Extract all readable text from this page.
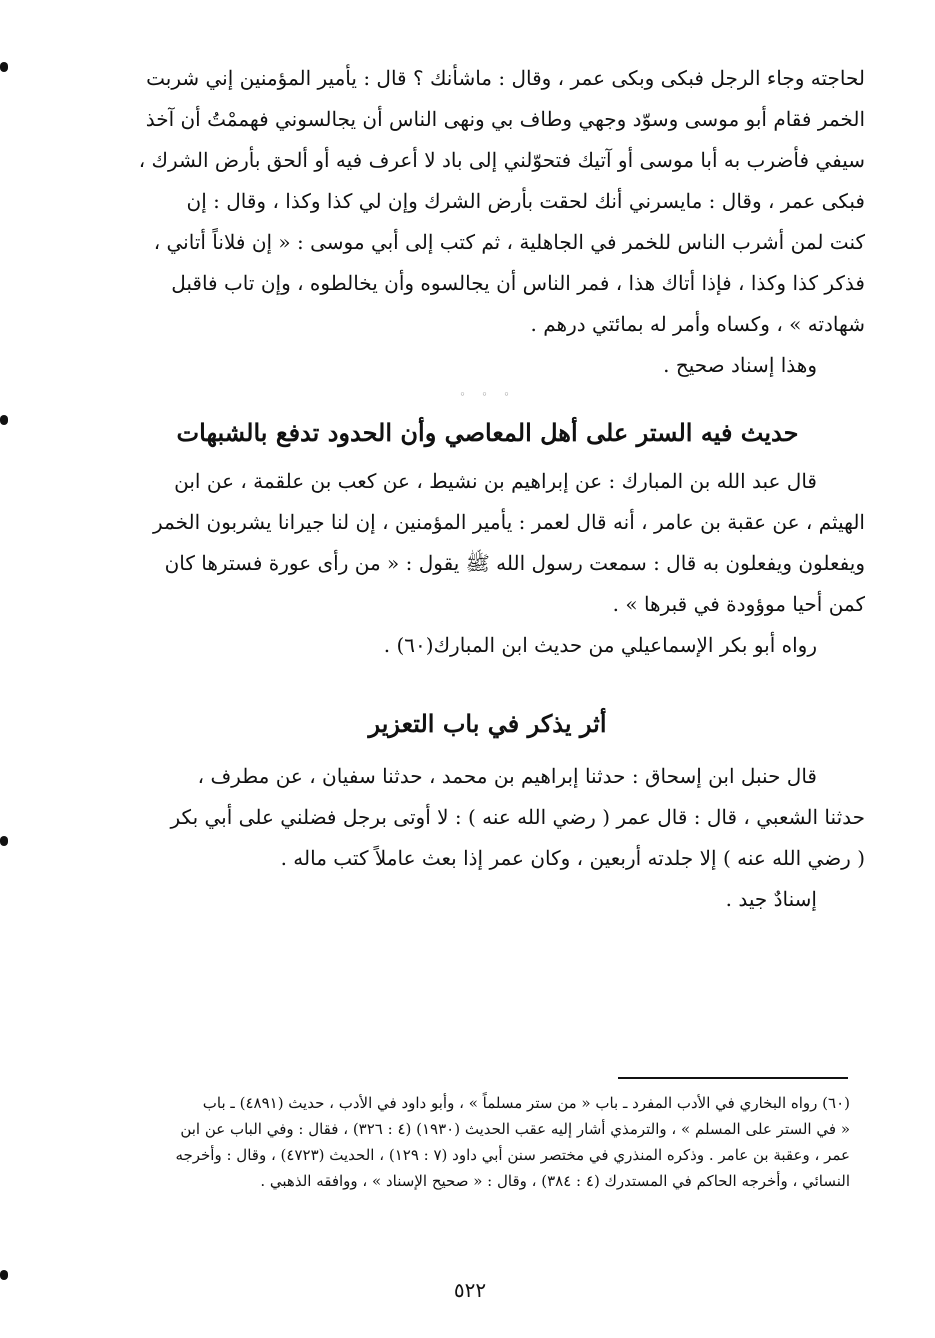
لحاجته وجاء الرجل فبكى وبكى عمر ، وقال : ماشأنك ؟ قال : يأمير المؤمنين إني شربت
الخمر فقام أبو موسى وسوّد وجهي وطاف بي ونهى الناس أن يجالسوني فهممْتُ أن آخذ
سيفي فأضرب به أبا موسى أو آتيك فتحوّلني إلى باد لا أعرف فيه أو ألحق بأرض الشرك ،
فبكى عمر ، وقال : مايسرني أنك لحقت بأرض الشرك وإن لي كذا وكذا ، وقال : إن
كنت لمن أشرب الناس للخمر في الجاهلية ، ثم كتب إلى أبي موسى : « إن فلاناً أتاني ،
فذكر كذا وكذا ، فإذا أتاك هذا ، فمر الناس أن يجالسوه وأن يخالطوه ، وإن تاب فاقبل
شهادته » ، وكساه وأمر له بمائتي درهم .
وهذا إسناد صحيح .
◦ ◦ ◦
حديث فيه الستر على أهل المعاصي وأن الحدود تدفع بالشبهات
قال عبد الله بن المبارك : عن إبراهيم بن نشيط ، عن كعب بن علقمة ، عن ابن
الهيثم ، عن عقبة بن عامر ، أنه قال لعمر : يأمير المؤمنين ، إن لنا جيرانا يشربون الخمر
ويفعلون ويفعلون به قال : سمعت رسول الله ﷺ يقول : « من رأى عورة فسترها كان
كمن أحيا موؤودة في قبرها » .
رواه أبو بكر الإسماعيلي من حديث ابن المبارك(٦٠) .
أثر يذكر في باب التعزير
قال حنبل ابن إسحاق : حدثنا إبراهيم بن محمد ، حدثنا سفيان ، عن مطرف ،
حدثنا الشعبي ، قال : قال عمر ( رضي الله عنه ) : لا أوتى برجل فضلني على أبي بكر
( رضي الله عنه ) إلا جلدته أربعين ، وكان عمر إذا بعث عاملاً كتب ماله .
إسنادٌ جيد .
(٦٠) رواه البخاري في الأدب المفرد ـ باب « من ستر مسلماً » ، وأبو داود في الأدب ، حديث (٤٨٩١) ـ باب
« في الستر على المسلم » ، والترمذي أشار إليه عقب الحديث (١٩٣٠) (٤ : ٣٢٦) ، فقال : وفي الباب عن ابن
عمر ، وعقبة بن عامر . وذكره المنذري في مختصر سنن أبي داود (٧ : ١٢٩) ، الحديث (٤٧٢٣) ، وقال : وأخرجه
النسائي ، وأخرجه الحاكم في المستدرك (٤ : ٣٨٤) ، وقال : « صحيح الإسناد » ، ووافقه الذهبي .
٥٢٢
